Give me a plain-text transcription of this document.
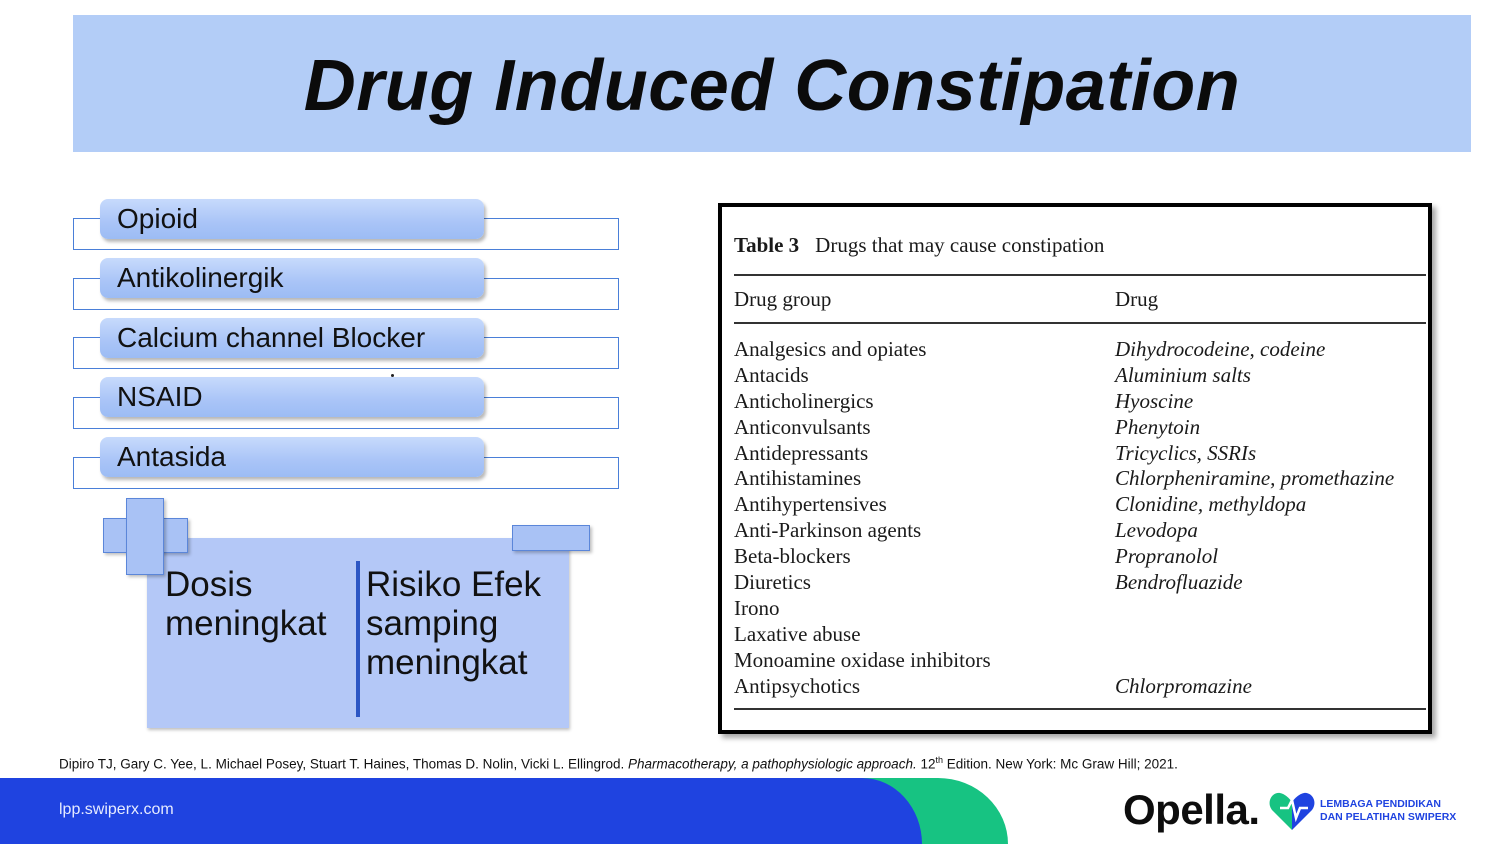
Drug Induced Constipation
Opioid
Antikolinergik
Calcium channel Blocker
NSAID
Antasida
Dosis
meningkat
Risiko Efek
samping
meningkat
Table 3 Drugs that may cause constipation
Drug group	Drug
Analgesics and opiates	Dihydrocodeine, codeine
Antacids	Aluminium salts
Anticholinergics	Hyoscine
Anticonvulsants	Phenytoin
Antidepressants	Tricyclics, SSRIs
Antihistamines	Chlorpheniramine, promethazine
Antihypertensives	Clonidine, methyldopa
Anti-Parkinson agents	Levodopa
Beta-blockers	Propranolol
Diuretics	Bendrofluazide
Irono
Laxative abuse
Monoamine oxidase inhibitors
Antipsychotics	Chlorpromazine
Dipiro TJ, Gary C. Yee, L. Michael Posey, Stuart T. Haines, Thomas D. Nolin, Vicki L. Ellingrod. Pharmacotherapy, a pathophysiologic approach. 12th Edition. New York: Mc Graw Hill; 2021.
lpp.swiperx.com	Opella.	LEMBAGA PENDIDIKAN
DAN PELATIHAN SWIPERX
